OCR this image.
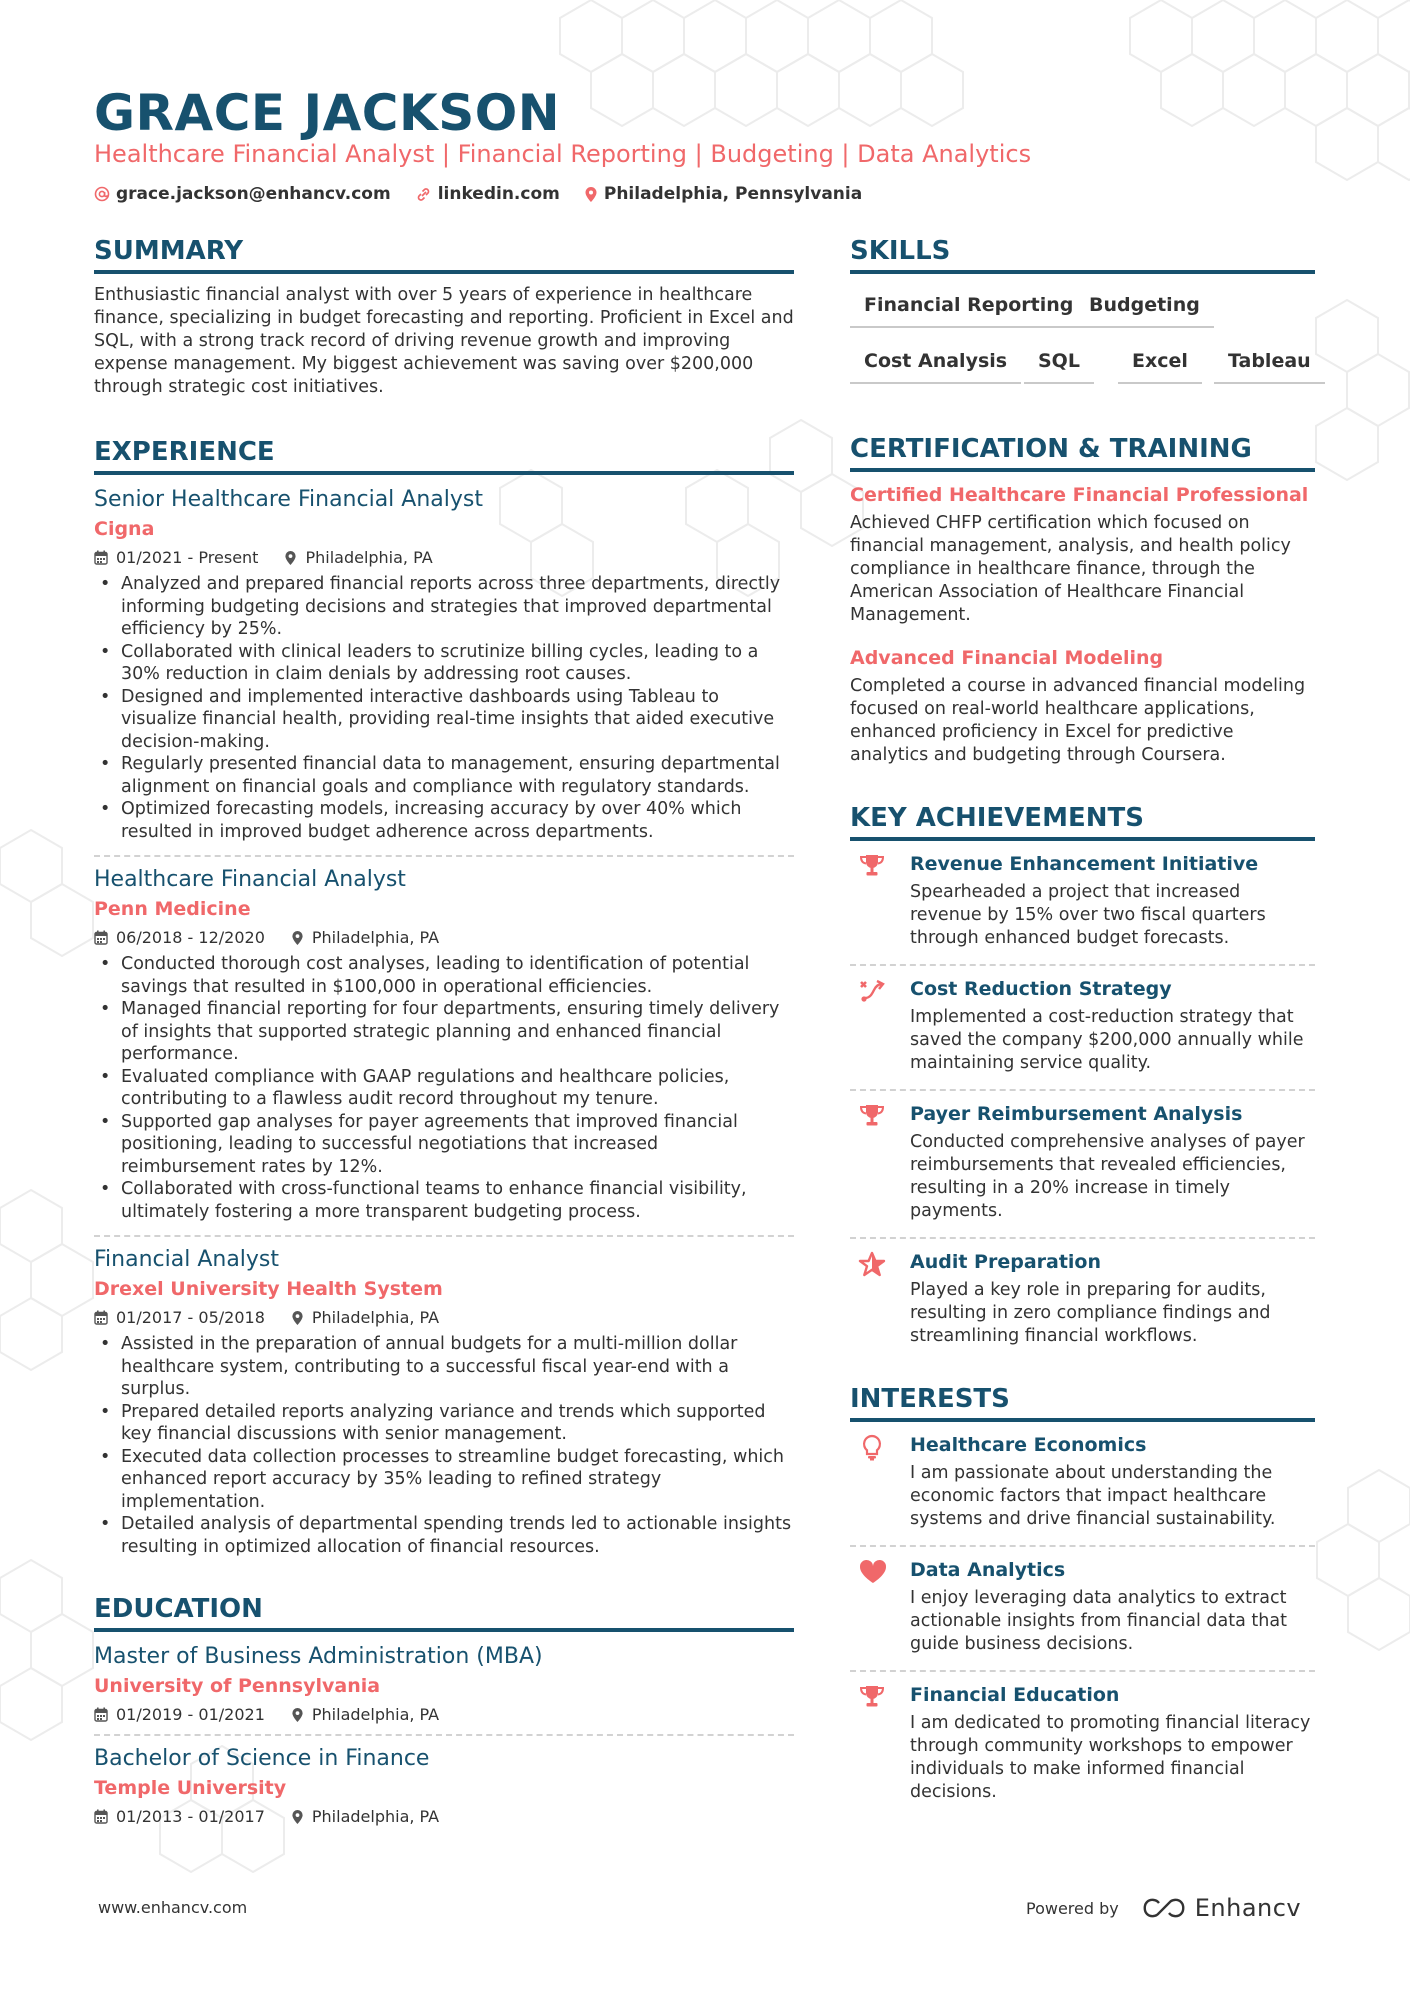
GRACE JACKSON
Healthcare Financial Analyst | Financial Reporting | Budgeting | Data Analytics
grace.jackson@enhancv.com	linkedin.com	Philadelphia, Pennsylvania
SUMMARY

Enthusiastic financial analyst with over 5 years of experience in healthcare finance, specializing in budget forecasting and reporting. Proficient in Excel and SQL, with a strong track record of driving revenue growth and improving expense management. My biggest achievement was saving over $200,000 through strategic cost initiatives.

EXPERIENCE
Senior Healthcare Financial Analyst
Cigna
01/2021 - Present	Philadelphia, PA
• Analyzed and prepared financial reports across three departments, directly informing budgeting decisions and strategies that improved departmental efficiency by 25%.
• Collaborated with clinical leaders to scrutinize billing cycles, leading to a 30% reduction in claim denials by addressing root causes.
• Designed and implemented interactive dashboards using Tableau to visualize financial health, providing real-time insights that aided executive decision-making.
• Regularly presented financial data to management, ensuring departmental alignment on financial goals and compliance with regulatory standards.
• Optimized forecasting models, increasing accuracy by over 40% which resulted in improved budget adherence across departments.
Healthcare Financial Analyst
Penn Medicine
06/2018 - 12/2020	Philadelphia, PA
• Conducted thorough cost analyses, leading to identification of potential savings that resulted in $100,000 in operational efficiencies.
• Managed financial reporting for four departments, ensuring timely delivery of insights that supported strategic planning and enhanced financial performance.
• Evaluated compliance with GAAP regulations and healthcare policies, contributing to a flawless audit record throughout my tenure.
• Supported gap analyses for payer agreements that improved financial positioning, leading to successful negotiations that increased reimbursement rates by 12%.
• Collaborated with cross-functional teams to enhance financial visibility, ultimately fostering a more transparent budgeting process.
Financial Analyst
Drexel University Health System
01/2017 - 05/2018	Philadelphia, PA
• Assisted in the preparation of annual budgets for a multi-million dollar healthcare system, contributing to a successful fiscal year-end with a surplus.
• Prepared detailed reports analyzing variance and trends which supported key financial discussions with senior management.
• Executed data collection processes to streamline budget forecasting, which enhanced report accuracy by 35% leading to refined strategy implementation.
• Detailed analysis of departmental spending trends led to actionable insights resulting in optimized allocation of financial resources.
EDUCATION
Master of Business Administration (MBA)
University of Pennsylvania
01/2019 - 01/2021	Philadelphia, PA
Bachelor of Science in Finance
Temple University
01/2013 - 01/2017	Philadelphia, PA
SKILLS
Financial Reporting Budgeting
Cost Analysis	SQL	Excel	Tableau
CERTIFICATION & TRAINING
Certified Healthcare Financial Professional

Achieved CHFP certification which focused on financial management, analysis, and health policy compliance in healthcare finance, through the American Association of Healthcare Financial Management.

Advanced Financial Modeling

Completed a course in advanced financial modeling focused on real-world healthcare applications, enhanced proficiency in Excel for predictive analytics and budgeting through Coursera.

KEY ACHIEVEMENTS
Revenue Enhancement Initiative

Spearheaded a project that increased revenue by 15% over two fiscal quarters through enhanced budget forecasts.

Cost Reduction Strategy

Implemented a cost-reduction strategy that saved the company $200,000 annually while maintaining service quality.

Payer Reimbursement Analysis

Conducted comprehensive analyses of payer reimbursements that revealed efficiencies, resulting in a 20% increase in timely payments.

Audit Preparation

Played a key role in preparing for audits, resulting in zero compliance findings and streamlining financial workflows.

INTERESTS
Healthcare Economics

I am passionate about understanding the economic factors that impact healthcare systems and drive financial sustainability.

Data Analytics

I enjoy leveraging data analytics to extract actionable insights from financial data that guide business decisions.

Financial Education

I am dedicated to promoting financial literacy through community workshops to empower individuals to make informed financial decisions.

www.enhancv.com	Powered by	Enhancv
